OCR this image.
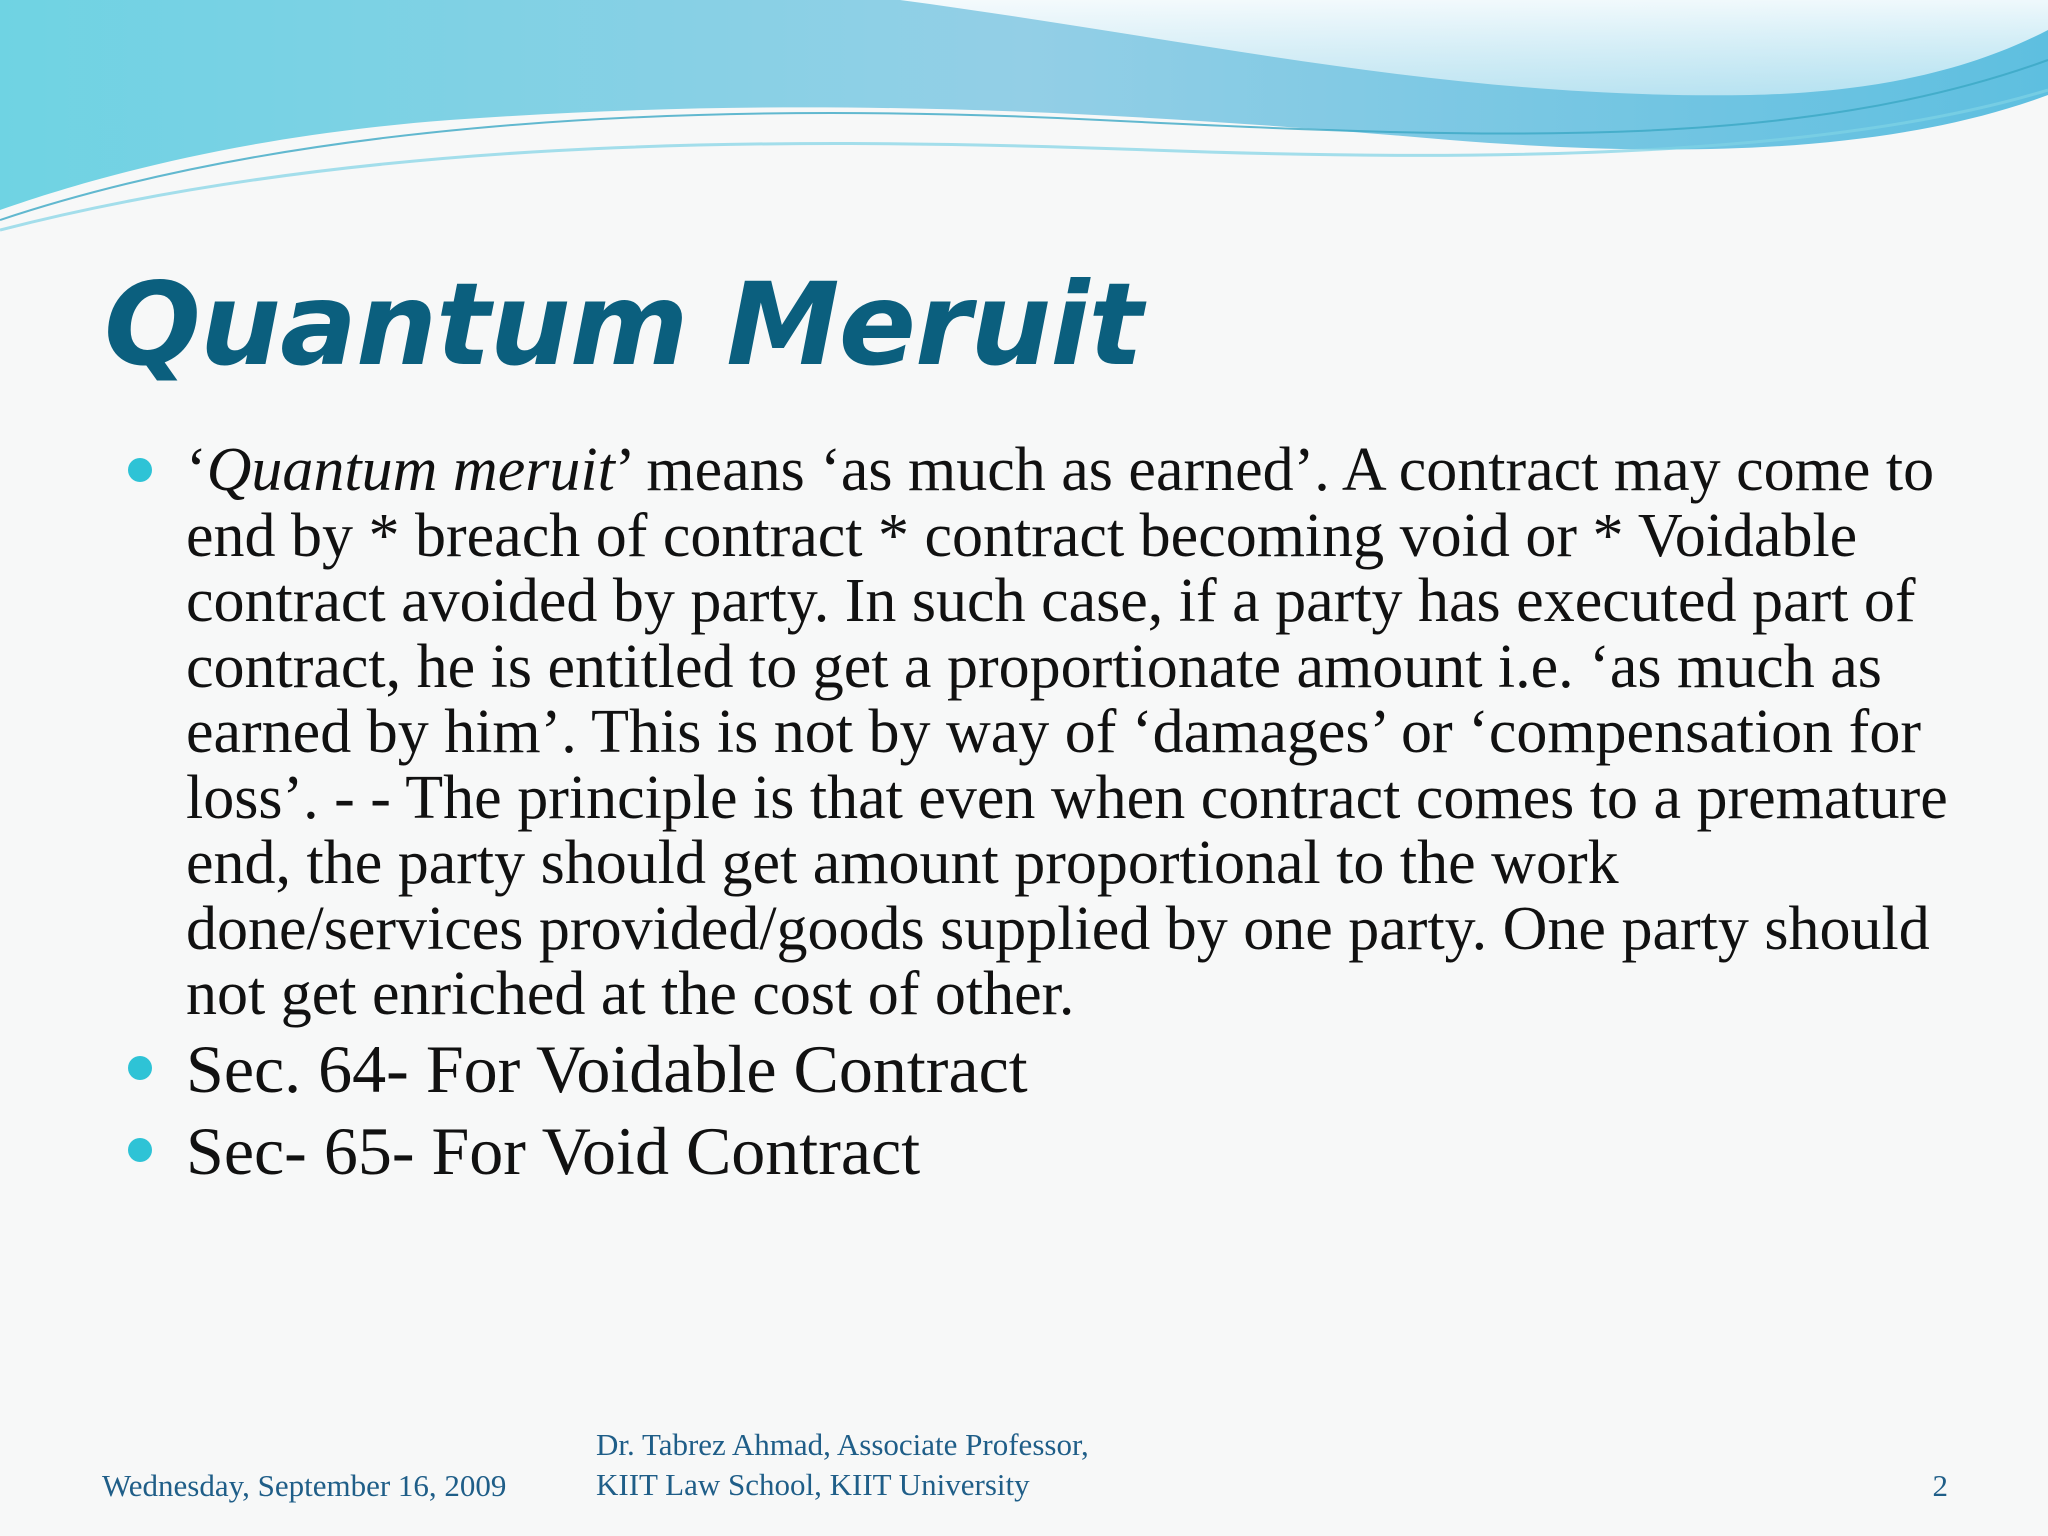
Quantum Meruit

‘Quantum meruit’ means ‘as much as earned’. A contract may come to end by * breach of contract * contract becoming void or * Voidable contract avoided by party. In such case, if a party has executed part of contract, he is entitled to get a proportionate amount i.e. ‘as much as earned by him’. This is not by way of ‘damages’ or ‘compensation for loss’. - - The principle is that even when contract comes to a premature end, the party should get amount proportional to the work done/services provided/goods supplied by one party. One party should not get enriched at the cost of other.

Sec. 64- For Voidable Contract
Sec- 65- For Void Contract
Wednesday, September 16, 2009
Dr. Tabrez Ahmad, Associate Professor,
KIIT Law School, KIIT University	2
